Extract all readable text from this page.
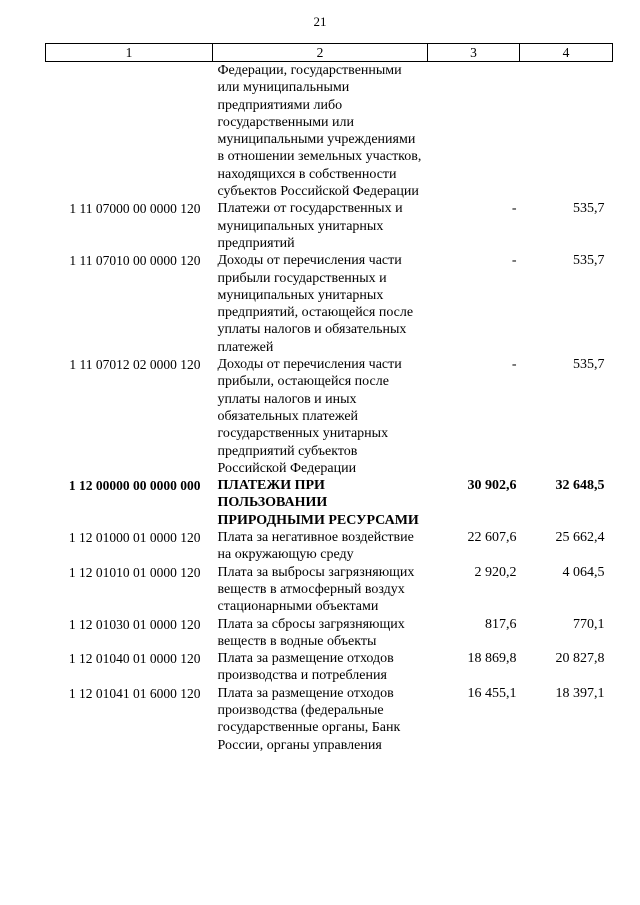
21
1	2	3	4
	Федерации, государственными или муниципальными предприятиями либо государственными или муниципальными учреждениями в отношении земельных участков, находящихся в собственности субъектов Российской Федерации		
1 11 07000 00 0000 120	Платежи от государственных и муниципальных унитарных предприятий	-	535,7
1 11 07010 00 0000 120	Доходы от перечисления части прибыли государственных и муниципальных унитарных предприятий, остающейся после уплаты налогов и обязательных платежей	-	535,7
1 11 07012 02 0000 120	Доходы от перечисления части прибыли, остающейся после уплаты налогов и иных обязательных платежей государственных унитарных предприятий субъектов Российской Федерации	-	535,7
1 12 00000 00 0000 000	ПЛАТЕЖИ ПРИ ПОЛЬЗОВАНИИ ПРИРОДНЫМИ РЕСУРСАМИ	30 902,6	32 648,5
1 12 01000 01 0000 120	Плата за негативное воздействие на окружающую среду	22 607,6	25 662,4
1 12 01010 01 0000 120	Плата за выбросы загрязняющих веществ в атмосферный воздух стационарными объектами	2 920,2	4 064,5
1 12 01030 01 0000 120	Плата за сбросы загрязняющих веществ в водные объекты	817,6	770,1
1 12 01040 01 0000 120	Плата за размещение отходов производства и потребления	18 869,8	20 827,8
1 12 01041 01 6000 120	Плата за размещение отходов производства (федеральные государственные органы, Банк России, органы управления	16 455,1	18 397,1
